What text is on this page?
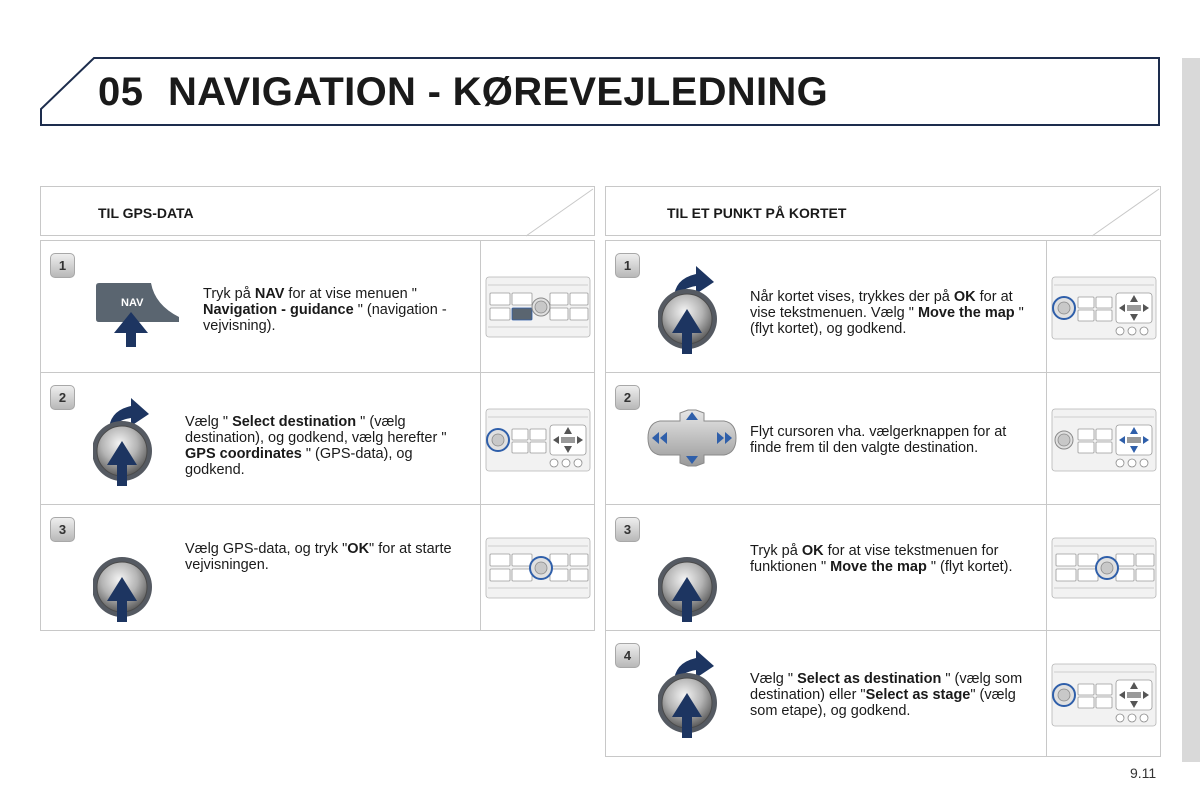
05 NAVIGATION - KØREVEJLEDNING
TIL GPS-DATA
1
NAV
Tryk på NAV for at vise menuen " Navigation - guidance " (navigation - vejvisning).
2
Vælg " Select destination " (vælg destination), og godkend, vælg herefter " GPS coordinates " (GPS-data), og godkend.
3
Vælg GPS-data, og tryk "OK" for at starte vejvisningen.
TIL ET PUNKT PÅ KORTET
1
Når kortet vises, trykkes der på OK for at vise tekstmenuen. Vælg " Move the map " (flyt kortet), og godkend.
2
Flyt cursoren vha. vælgerknappen for at finde frem til den valgte destination.
3
Tryk på OK for at vise tekstmenuen for funktionen " Move the map " (flyt kortet).
4
Vælg " Select as destination " (vælg som destination) eller "Select as stage" (vælg som etape), og godkend.
9.11
